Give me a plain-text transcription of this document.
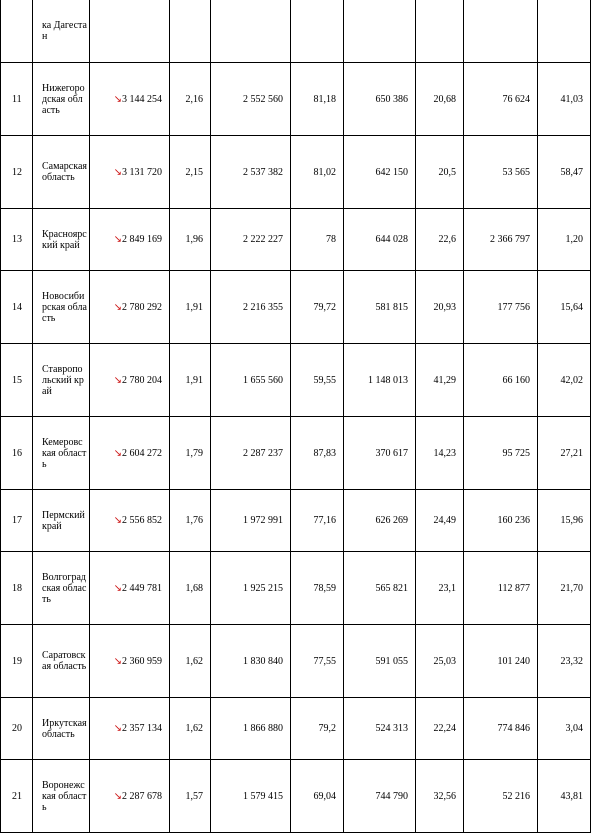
	ка Дагестан								
11	Нижегородская область	↘3 144 254	2,16	2 552 560	81,18	650 386	20,68	76 624	41,03
12	Самарская область	↘3 131 720	2,15	2 537 382	81,02	642 150	20,5	53 565	58,47
13	Красноярский край	↘2 849 169	1,96	2 222 227	78	644 028	22,6	2 366 797	1,20
14	Новосибирская область	↘2 780 292	1,91	2 216 355	79,72	581 815	20,93	177 756	15,64
15	Ставропольский край	↘2 780 204	1,91	1 655 560	59,55	1 148 013	41,29	66 160	42,02
16	Кемеровская область	↘2 604 272	1,79	2 287 237	87,83	370 617	14,23	95 725	27,21
17	Пермский край	↘2 556 852	1,76	1 972 991	77,16	626 269	24,49	160 236	15,96
18	Волгоградская область	↘2 449 781	1,68	1 925 215	78,59	565 821	23,1	112 877	21,70
19	Саратовская область	↘2 360 959	1,62	1 830 840	77,55	591 055	25,03	101 240	23,32
20	Иркутская область	↘2 357 134	1,62	1 866 880	79,2	524 313	22,24	774 846	3,04
21	Воронежская область	↘2 287 678	1,57	1 579 415	69,04	744 790	32,56	52 216	43,81
